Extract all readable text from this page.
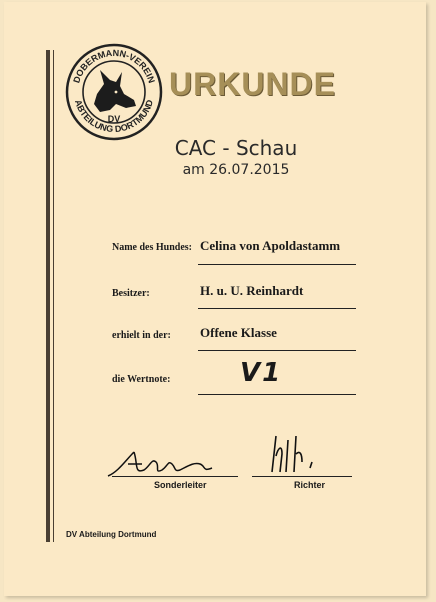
DOBERMANN-VEREIN
ABTEILUNG DORTMUND
DV
URKUNDE
CAC - Schau
am 26.07.2015
Name des Hundes: Celina von Apoldastamm
Besitzer:	H. u. U. Reinhardt
erhielt in der: Offene Klasse
die Wertnote:	V1
Sonderleiter	Richter
DV Abteilung Dortmund
